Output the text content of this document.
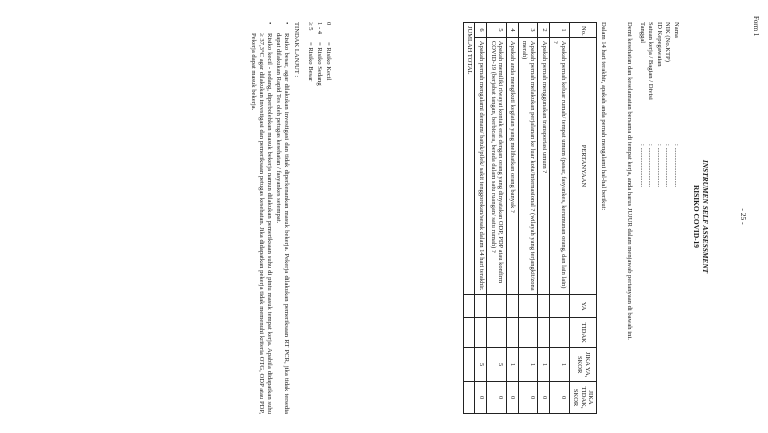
Form 1
- 25 -
INSTRUMEN SELF ASSESSMENT
RISIKO COVID-19
Nama
: ........................
NIK (No.KTP)
: ........................
ID Kepegawaian
: ........................
Satuan kerja / Bagian / Divisi
: ........................
Tanggal
: ........................
Demi kesehatan dan keselamatan bersama di tempat kerja, anda harus JUJUR dalam menjawab pertanyaan di bawah ini.
Dalam 14 hari terakhir, apakah anda pernah mengalami hal-hal berikut:
No.	PERTANYAAN	YA	TIDAK	JIKA YA, SKOR	JIKA TIDAK, SKOR
1	Apakah pernah keluar rumah/ tempat umum (pasar, fasyankes, kerumunan orang, dan lain lain) ?			1	0
2	Apakah pernah menggunakan transportasi umum ?			1	0
3	Apakah pernah melakukan perjalanan ke luar kota/internasional ? (wilayah yang terjangkit/zona merah)			1	0
4	Apakah anda mengikuti kegiatan yang melibatkan orang banyak ?			1	0
5	Apakah memiliki riwayat kontak erat dengan orang yang dinyatakan ODP, PDP atau konfirm COVID-19 (berjabat tangan, berbicara, berada dalam satu ruangan/ satu rumah) ?			5	0
6	Apakah pernah mengalami demam/ batuk/pilek/ sakit tenggorokan/sesak dalam 14 hari terakhir.			5	0
JUMLAH TOTAL					
0
= Risiko Kecil
1 - 4
= Risiko Sedang
≥ 5
= Risiko Besar
TINDAK LANJUT :
•
Risiko besar, agar dilakukan investigasi dan tidak diperkenankan masuk bekerja. Pekerja dilakukan pemeriksaan RT PCR, jika tidak tersedia dapat dilakukan Rapid Tes oleh petugas kesehatan / fasyankes setempat.
•
Risiko kecil - sedang, diperbolehkan masuk bekerja namun dilakukan pemeriksaan suhu di pintu masuk tempat kerja. Apabila didapatkan suhu ≥ 37,3°C agar dilakukan investigasi dan pemeriksaan petugas kesehatan. Jika didapatkan pekerja tidak memenuhi kriteria OTG, ODP atau PDP, Pekerja dapat masuk bekerja.
